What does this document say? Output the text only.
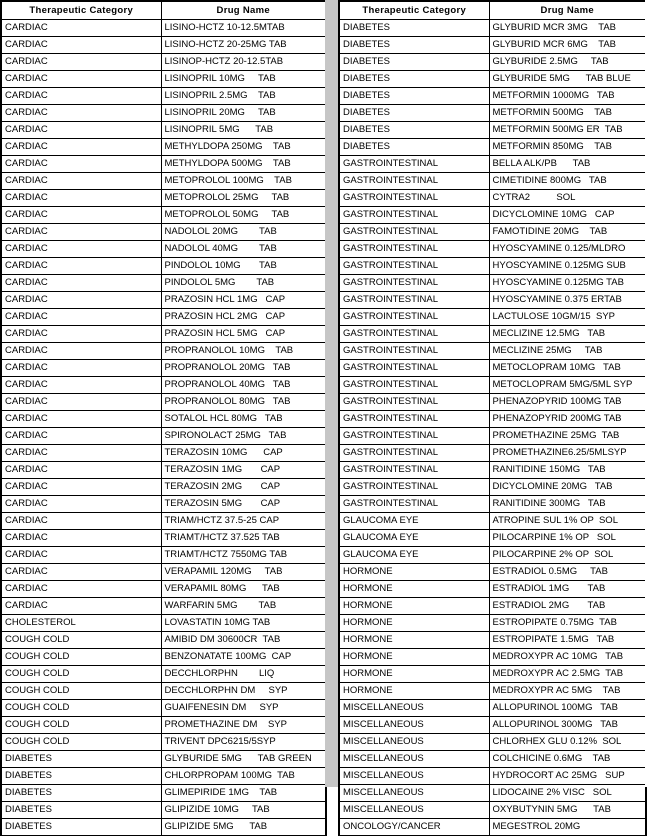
Therapeutic Category	Drug Name
CARDIAC	LISINO-HCTZ 10-12.5MTAB
CARDIAC	LISINO-HCTZ 20-25MG TAB
CARDIAC	LISINOP-HCTZ 20-12.5TAB
CARDIAC	LISINOPRIL 10MG     TAB
CARDIAC	LISINOPRIL 2.5MG    TAB
CARDIAC	LISINOPRIL 20MG     TAB
CARDIAC	LISINOPRIL 5MG      TAB
CARDIAC	METHYLDOPA 250MG    TAB
CARDIAC	METHYLDOPA 500MG    TAB
CARDIAC	METOPROLOL 100MG    TAB
CARDIAC	METOPROLOL 25MG     TAB
CARDIAC	METOPROLOL 50MG     TAB
CARDIAC	NADOLOL 20MG        TAB
CARDIAC	NADOLOL 40MG        TAB
CARDIAC	PINDOLOL 10MG       TAB
CARDIAC	PINDOLOL 5MG        TAB
CARDIAC	PRAZOSIN HCL 1MG   CAP
CARDIAC	PRAZOSIN HCL 2MG   CAP
CARDIAC	PRAZOSIN HCL 5MG   CAP
CARDIAC	PROPRANOLOL 10MG    TAB
CARDIAC	PROPRANOLOL 20MG   TAB
CARDIAC	PROPRANOLOL 40MG   TAB
CARDIAC	PROPRANOLOL 80MG   TAB
CARDIAC	SOTALOL HCL 80MG   TAB
CARDIAC	SPIRONOLACT 25MG   TAB
CARDIAC	TERAZOSIN 10MG      CAP
CARDIAC	TERAZOSIN 1MG       CAP
CARDIAC	TERAZOSIN 2MG       CAP
CARDIAC	TERAZOSIN 5MG       CAP
CARDIAC	TRIAM/HCTZ 37.5-25 CAP
CARDIAC	TRIAMT/HCTZ 37.525 TAB
CARDIAC	TRIAMT/HCTZ 7550MG TAB
CARDIAC	VERAPAMIL 120MG     TAB
CARDIAC	VERAPAMIL 80MG      TAB
CARDIAC	WARFARIN 5MG        TAB
CHOLESTEROL	LOVASTATIN 10MG TAB
COUGH COLD	AMIBID DM 30600CR  TAB
COUGH COLD	BENZONATATE 100MG  CAP
COUGH COLD	DECCHLORPHN        LIQ
COUGH COLD	DECCHLORPHN DM     SYP
COUGH COLD	GUAIFENESIN DM     SYP
COUGH COLD	PROMETHAZINE DM    SYP
COUGH COLD	TRIVENT DPC6215/5SYP
DIABETES	GLYBURIDE 5MG      TAB GREEN
DIABETES	CHLORPROPAM 100MG  TAB
DIABETES	GLIMEPIRIDE 1MG    TAB
DIABETES	GLIPIZIDE 10MG     TAB
DIABETES	GLIPIZIDE 5MG      TAB
Therapeutic Category	Drug Name
DIABETES	GLYBURID MCR 3MG    TAB
DIABETES	GLYBURID MCR 6MG    TAB
DIABETES	GLYBURIDE 2.5MG     TAB
DIABETES	GLYBURIDE 5MG      TAB BLUE
DIABETES	METFORMIN 1000MG   TAB
DIABETES	METFORMIN 500MG    TAB
DIABETES	METFORMIN 500MG ER  TAB
DIABETES	METFORMIN 850MG    TAB
GASTROINTESTINAL	BELLA ALK/PB      TAB
GASTROINTESTINAL	CIMETIDINE 800MG   TAB
GASTROINTESTINAL	CYTRA2          SOL
GASTROINTESTINAL	DICYCLOMINE 10MG   CAP
GASTROINTESTINAL	FAMOTIDINE 20MG    TAB
GASTROINTESTINAL	HYOSCYAMINE 0.125/MLDRO
GASTROINTESTINAL	HYOSCYAMINE 0.125MG SUB
GASTROINTESTINAL	HYOSCYAMINE 0.125MG TAB
GASTROINTESTINAL	HYOSCYAMINE 0.375 ERTAB
GASTROINTESTINAL	LACTULOSE 10GM/15  SYP
GASTROINTESTINAL	MECLIZINE 12.5MG   TAB
GASTROINTESTINAL	MECLIZINE 25MG     TAB
GASTROINTESTINAL	METOCLOPRAM 10MG   TAB
GASTROINTESTINAL	METOCLOPRAM 5MG/5ML SYP
GASTROINTESTINAL	PHENAZOPYRID 100MG TAB
GASTROINTESTINAL	PHENAZOPYRID 200MG TAB
GASTROINTESTINAL	PROMETHAZINE 25MG  TAB
GASTROINTESTINAL	PROMETHAZINE6.25/5MLSYP
GASTROINTESTINAL	RANITIDINE 150MG   TAB
GASTROINTESTINAL	DICYCLOMINE 20MG   TAB
GASTROINTESTINAL	RANITIDINE 300MG   TAB
GLAUCOMA EYE	ATROPINE SUL 1% OP  SOL
GLAUCOMA EYE	PILOCARPINE 1% OP   SOL
GLAUCOMA EYE	PILOCARPINE 2% OP  SOL
HORMONE	ESTRADIOL 0.5MG     TAB
HORMONE	ESTRADIOL 1MG       TAB
HORMONE	ESTRADIOL 2MG       TAB
HORMONE	ESTROPIPATE 0.75MG  TAB
HORMONE	ESTROPIPATE 1.5MG   TAB
HORMONE	MEDROXYPR AC 10MG   TAB
HORMONE	MEDROXYPR AC 2.5MG  TAB
HORMONE	MEDROXYPR AC 5MG    TAB
MISCELLANEOUS	ALLOPURINOL 100MG   TAB
MISCELLANEOUS	ALLOPURINOL 300MG   TAB
MISCELLANEOUS	CHLORHEX GLU 0.12%  SOL
MISCELLANEOUS	COLCHICINE 0.6MG    TAB
MISCELLANEOUS	HYDROCORT AC 25MG   SUP
MISCELLANEOUS	LIDOCAINE 2% VISC   SOL
MISCELLANEOUS	OXYBUTYNIN 5MG      TAB
ONCOLOGY/CANCER	MEGESTROL 20MG
